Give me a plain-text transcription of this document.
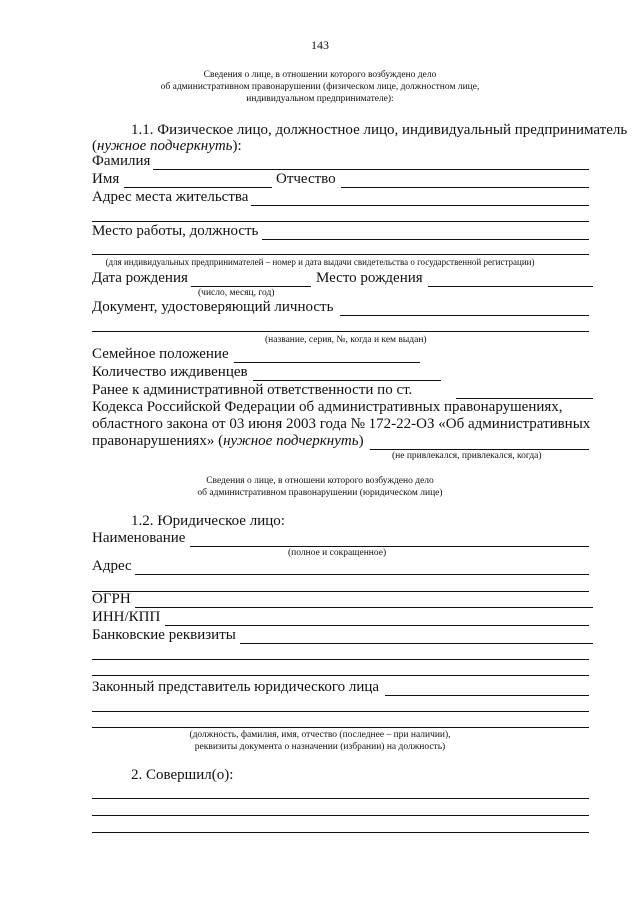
143
Сведения о лице, в отношении которого возбуждено дело
об административном правонарушении (физическом лице, должностном лице,
индивидуальном предпринимателе):
1.1. Физическое лицо, должностное лицо, индивидуальный предприниматель
(нужное подчеркнуть):
Фамилия
Имя	Отчество
Адрес места жительства
Место работы, должность
(для индивидуальных предпринимателей – номер и дата выдачи свидетельства о государственной регистрации)
Дата рождения	Место рождения
(число, месяц, год)
Документ, удостоверяющий личность
(название, серия, №, когда и кем выдан)
Семейное положение
Количество иждивенцев
Ранее к административной ответственности по ст.
Кодекса Российской Федерации об административных правонарушениях,
областного закона от 03 июня 2003 года № 172-22-ОЗ «Об административных
правонарушениях» (нужное подчеркнуть)
(не привлекался, привлекался, когда)
Сведения о лице, в отношени которого возбуждено дело
об административном правонарушении (юридическом лице)
1.2. Юридическое лицо:
Наименование
(полное и сокращенное)
Адрес
ОГРН
ИНН/КПП
Банковские реквизиты
Законный представитель юридического лица
(должность, фамилия, имя, отчество (последнее – при наличии),
реквизиты документа о назначении (избрании) на должность)
2. Совершил(о):
